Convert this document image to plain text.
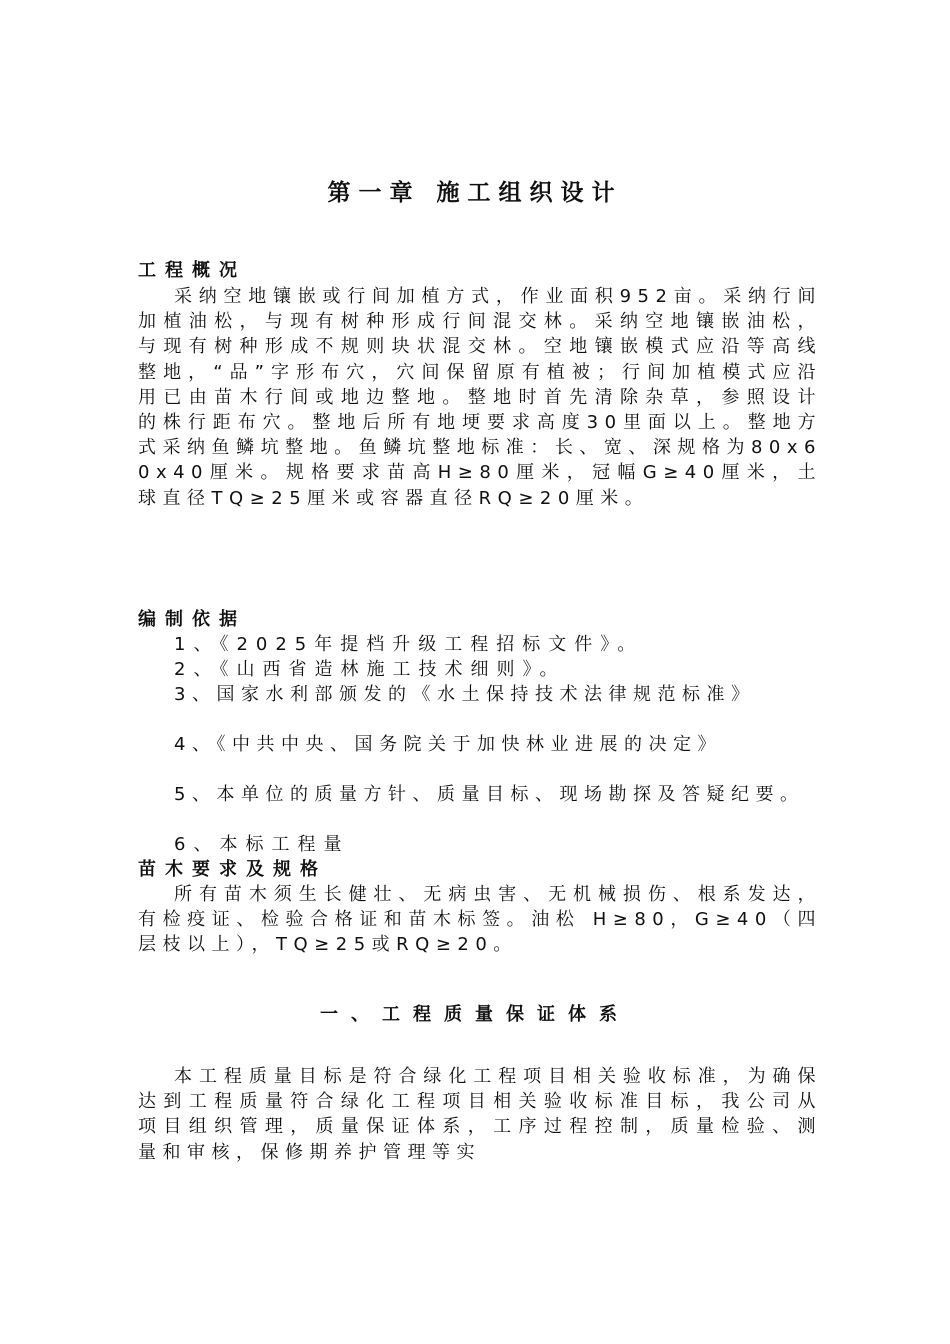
第一章 施工组织设计
工程概况
采纳空地镶嵌或行间加植方式，作业面积952亩。采纳行间加植油松，与现有树种形成行间混交林。采纳空地镶嵌油松，与现有树种形成不规则块状混交林。空地镶嵌模式应沿等高线整地，“品”字形布穴，穴间保留原有植被；行间加植模式应沿用已由苗木行间或地边整地。整地时首先清除杂草，参照设计的株行距布穴。整地后所有地埂要求高度30里面以上。整地方式采纳鱼鳞坑整地。鱼鳞坑整地标准：长、宽、深规格为80x60x40厘米。规格要求苗高H≥80厘米，冠幅G≥40厘米，土球直径TQ≥25厘米或容器直径RQ≥20厘米。
编制依据
1、《2025年提档升级工程招标文件》。
2、《山西省造林施工技术细则》。
3、国家水利部颁发的《水土保持技术法律规范标准》
4、《中共中央、国务院关于加快林业进展的决定》
5、本单位的质量方针、质量目标、现场勘探及答疑纪要。
6、本标工程量
苗木要求及规格
所有苗木须生长健壮、无病虫害、无机械损伤、根系发达，有检疫证、检验合格证和苗木标签。油松 H≥80，G≥40（四层枝以上），TQ≥25或RQ≥20。
一、工程质量保证体系
本工程质量目标是符合绿化工程项目相关验收标准，为确保达到工程质量符合绿化工程项目相关验收标准目标，我公司从项目组织管理，质量保证体系，工序过程控制，质量检验、测量和审核，保修期养护管理等实
